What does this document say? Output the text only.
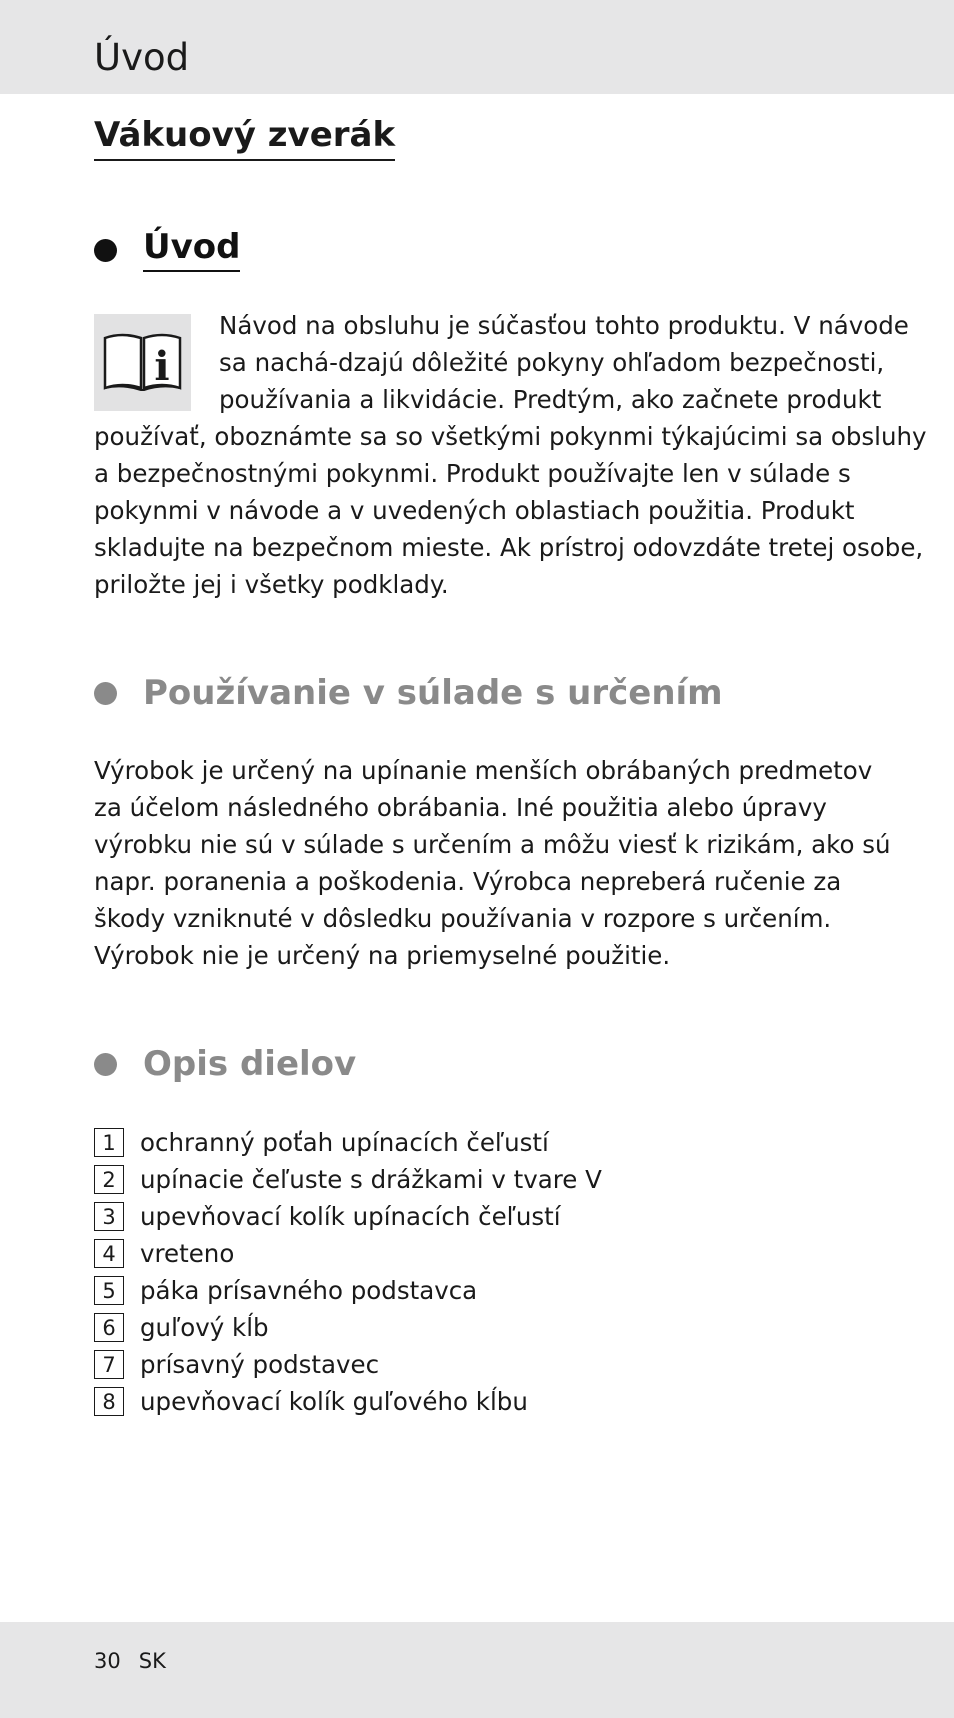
Úvod
Vákuový zverák
Úvod
i

Návod na obsluhu je súčasťou tohto produktu. V návode
sa nachá-dzajú dôležité pokyny ohľadom bezpečnosti,
používania a likvidácie. Predtým, ako začnete produkt

používať, oboznámte sa so všetkými pokynmi týkajúcimi sa obsluhy
a bezpečnostnými pokynmi. Produkt používajte len v súlade s
pokynmi v návode a v uvedených oblastiach použitia. Produkt
skladujte na bezpečnom mieste. Ak prístroj odovzdáte tretej osobe,
priložte jej i všetky podklady.

Používanie v súlade s určením

Výrobok je určený na upínanie menších obrábaných predmetov
za účelom následného obrábania. Iné použitia alebo úpravy
výrobku nie sú v súlade s určením a môžu viesť k rizikám, ako sú
napr. poranenia a poškodenia. Výrobca nepreberá ručenie za
škody vzniknuté v dôsledku používania v rozpore s určením.
Výrobok nie je určený na priemyselné použitie.

Opis dielov
1 ochranný poťah upínacích čeľustí
2 upínacie čeľuste s drážkami v tvare V
3 upevňovací kolík upínacích čeľustí
4 vreteno
5 páka prísavného podstavca
6 guľový kĺb
7 prísavný podstavec
8 upevňovací kolík guľového kĺbu

30 SK
